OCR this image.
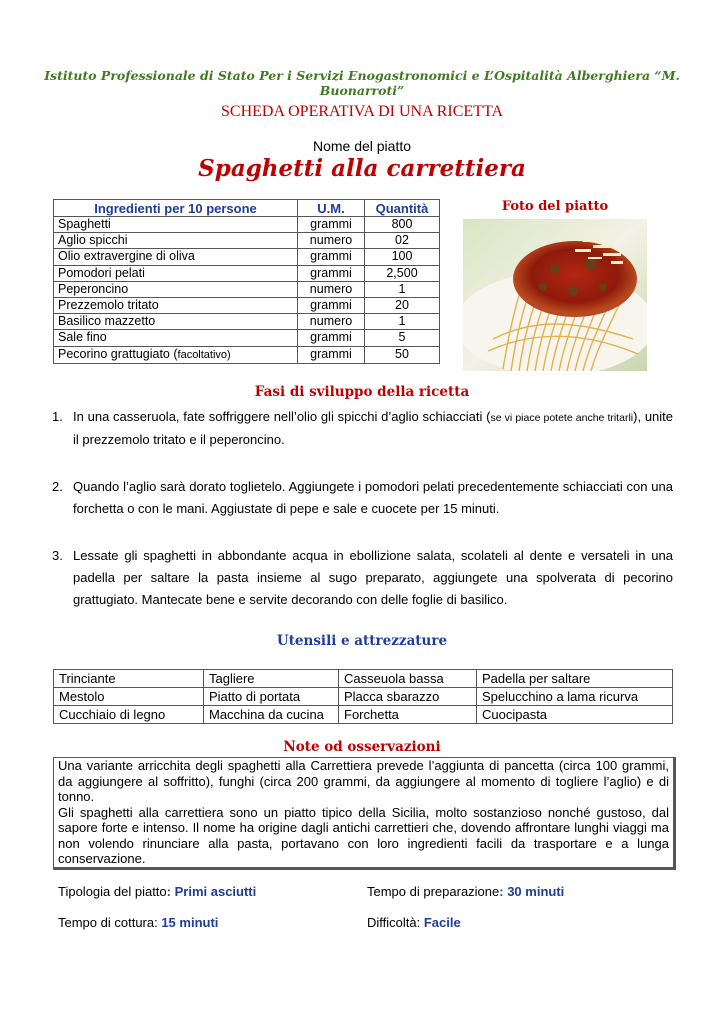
Istituto Professionale di Stato Per i Servizi Enogastronomici e L’Ospitalità Alberghiera “M. Buonarroti”
SCHEDA OPERATIVA DI UNA RICETTA
Nome del piatto
Spaghetti alla carrettiera
Ingredienti per 10 persone	U.M.	Quantità
Spaghetti	grammi	800
Aglio spicchi	numero	02
Olio extravergine di oliva	grammi	100
Pomodori pelati	grammi	2,500
Peperoncino	numero	1
Prezzemolo tritato	grammi	20
Basilico mazzetto	numero	1
Sale fino	grammi	5
Pecorino grattugiato (facoltativo)	grammi	50
Foto del piatto
Fasi di sviluppo della ricetta
1. In una casseruola, fate soffriggere nell’olio gli spicchi d’aglio schiacciati (se vi piace potete anche tritarli), unite il prezzemolo tritato e il peperoncino.
2. Quando l’aglio sarà dorato toglietelo. Aggiungete i pomodori pelati precedentemente schiacciati con una forchetta o con le mani. Aggiustate di pepe e sale e cuocete per 15 minuti.
3. Lessate gli spaghetti in abbondante acqua in ebollizione salata, scolateli al dente e versateli in una padella per saltare la pasta insieme al sugo preparato, aggiungete una spolverata di pecorino grattugiato. Mantecate bene e servite decorando con delle foglie di basilico.
Utensili e attrezzature
Trinciante	Tagliere	Casseuola bassa	Padella per saltare
Mestolo	Piatto di portata	Placca sbarazzo	Spelucchino a lama ricurva
Cucchiaio di legno	Macchina da cucina	Forchetta	Cuocipasta
Note od osservazioni

Una variante arricchita degli spaghetti alla Carrettiera prevede l’aggiunta di pancetta (circa 100 grammi, da aggiungere al soffritto), funghi (circa 200 grammi, da aggiungere al momento di togliere l’aglio) e di tonno.

Gli spaghetti alla carrettiera sono un piatto tipico della Sicilia, molto sostanzioso nonché gustoso, dal sapore forte e intenso. Il nome ha origine dagli antichi carrettieri che, dovendo affrontare lunghi viaggi ma non volendo rinunciare alla pasta, portavano con loro ingredienti facili da trasportare e a lunga conservazione.

Tipologia del piatto: Primi asciutti	Tempo di preparazione: 30 minuti
Tempo di cottura: 15 minuti	Difficoltà: Facile
